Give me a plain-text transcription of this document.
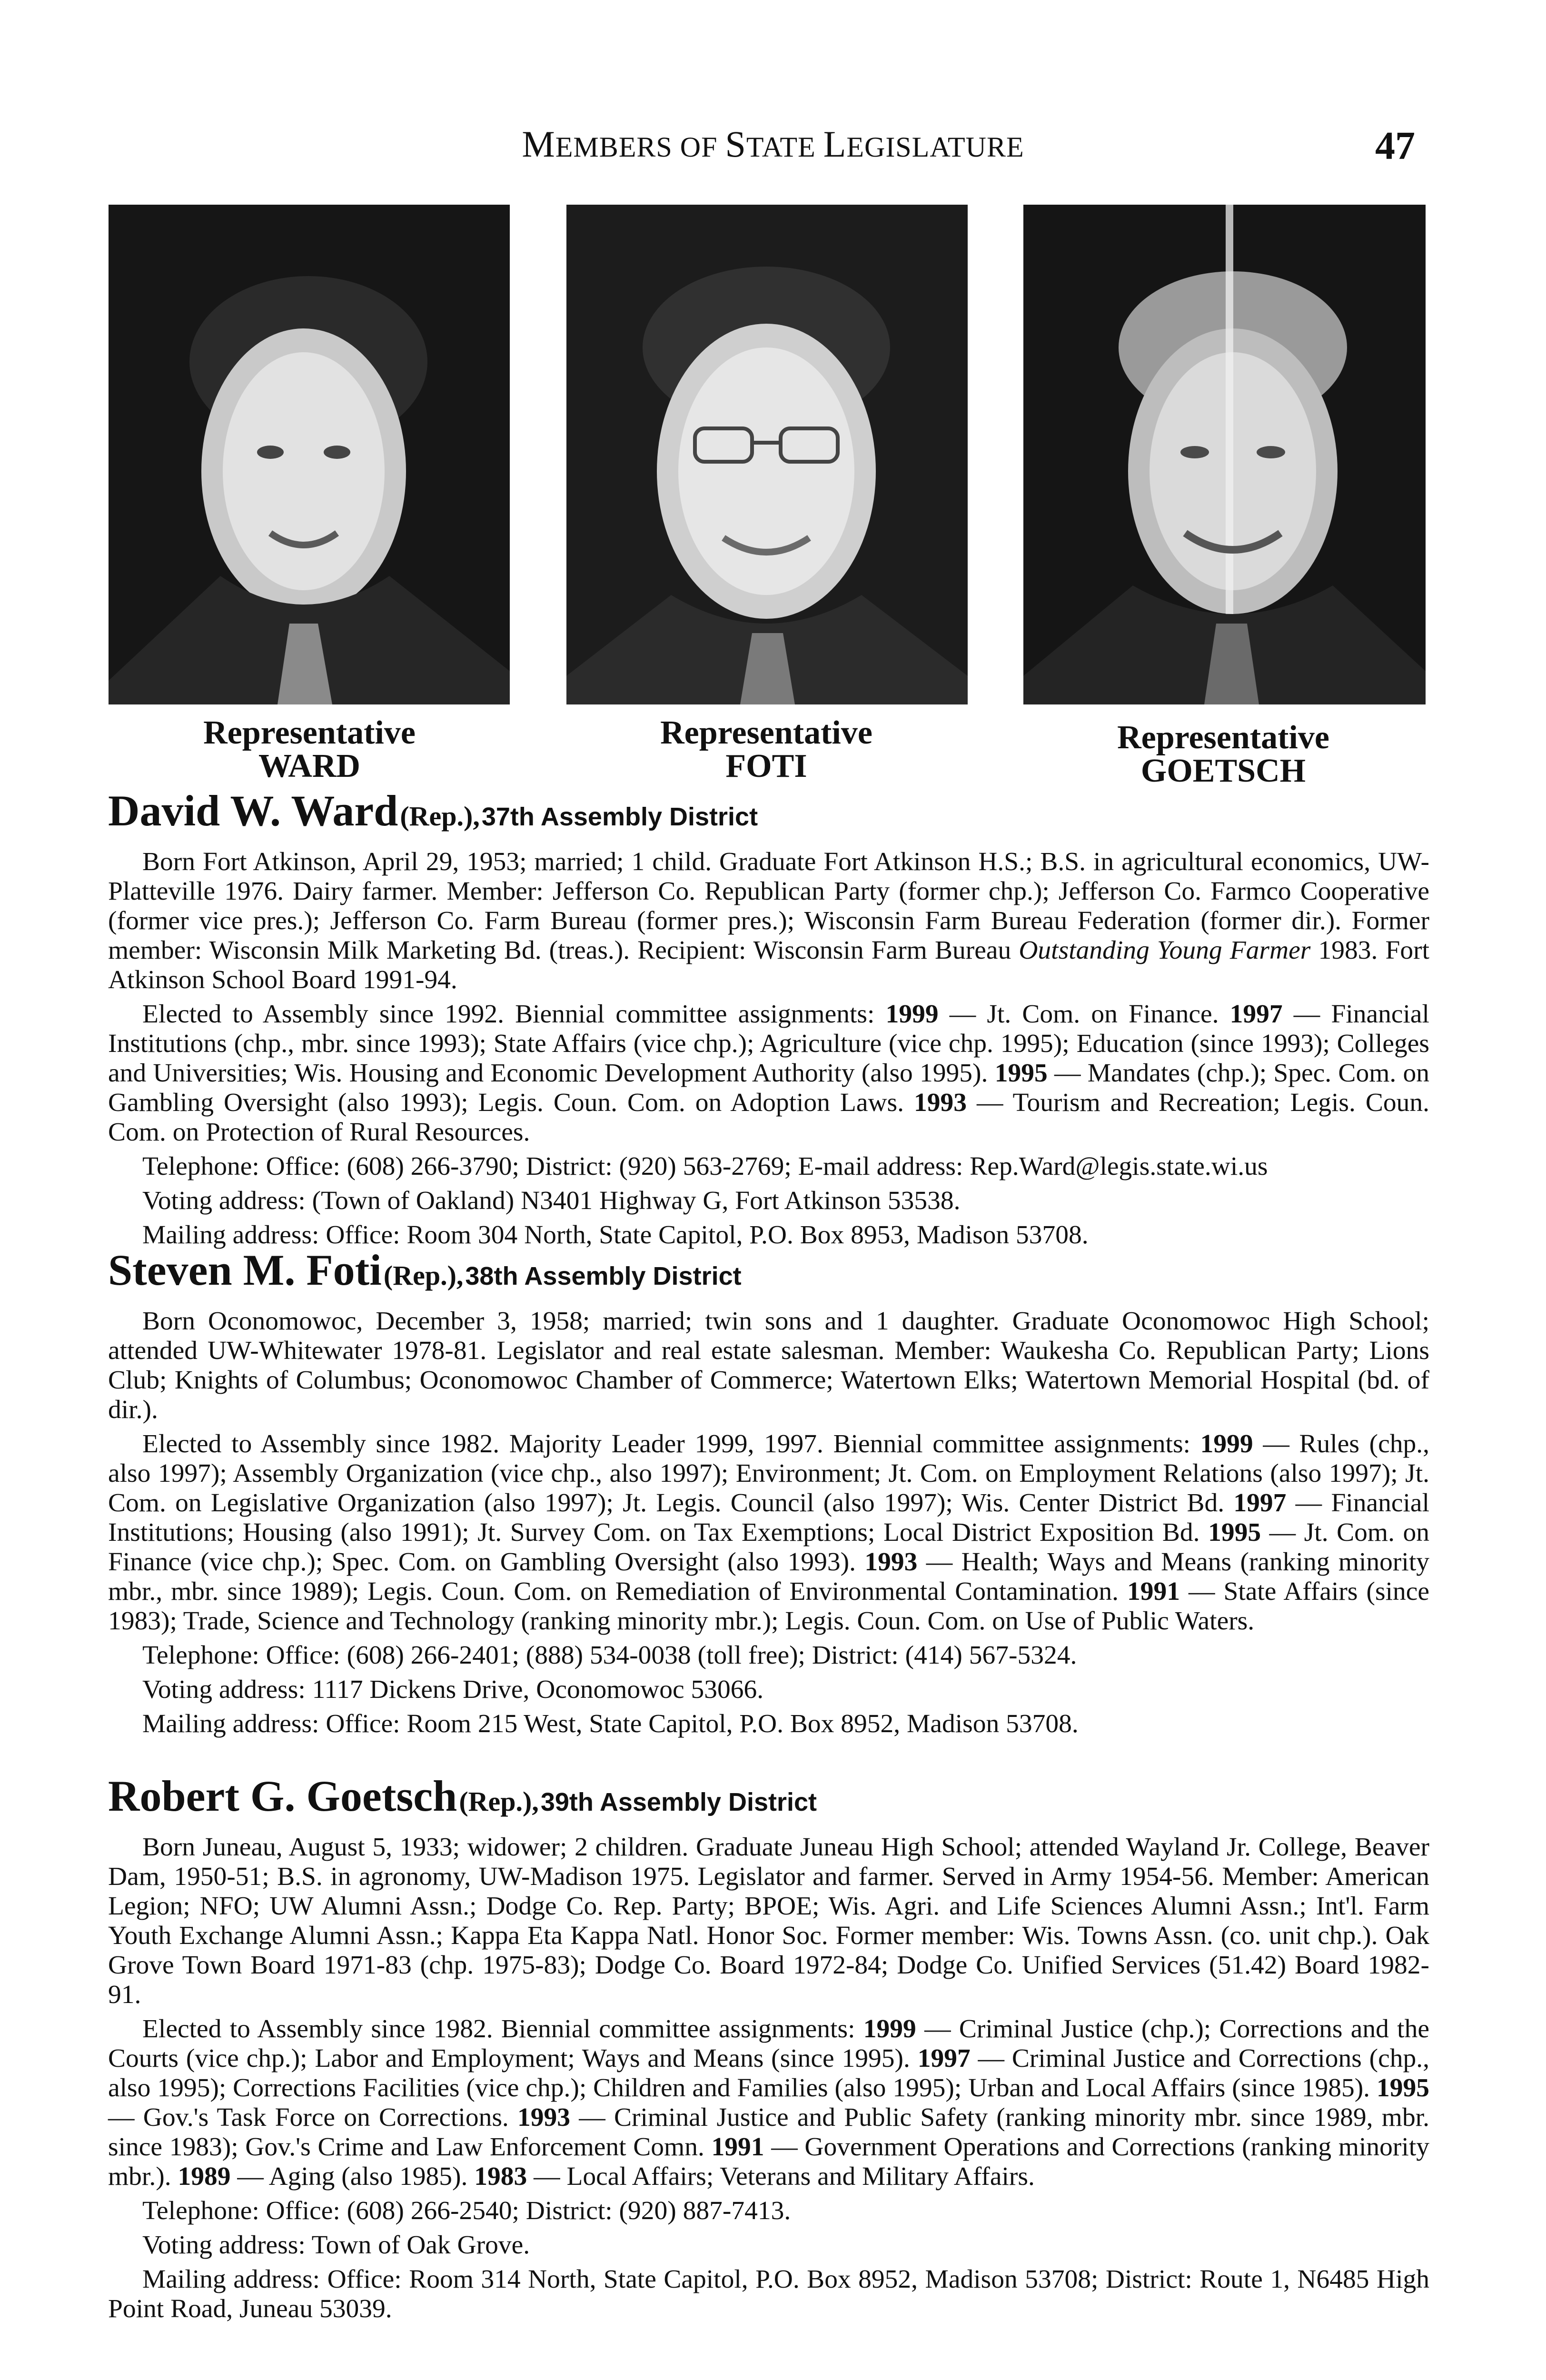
MEMBERS OF STATE LEGISLATURE	47
Representative
WARD
Representative
FOTI
Representative
GOETSCH
David W. Ward (Rep.), 37th Assembly District

Born Fort Atkinson, April 29, 1953; married; 1 child. Graduate Fort Atkinson H.S.; B.S. in agricultural economics, UW-Platteville 1976. Dairy farmer. Member: Jefferson Co. Republican Party (former chp.); Jefferson Co. Farmco Cooperative (former vice pres.); Jefferson Co. Farm Bureau (former pres.); Wisconsin Farm Bureau Federation (former dir.). Former member: Wisconsin Milk Marketing Bd. (treas.). Recipient: Wisconsin Farm Bureau Outstanding Young Farmer 1983. Fort Atkinson School Board 1991-94.

Elected to Assembly since 1992. Biennial committee assignments: 1999 — Jt. Com. on Finance. 1997 — Financial Institutions (chp., mbr. since 1993); State Affairs (vice chp.); Agriculture (vice chp. 1995); Education (since 1993); Colleges and Universities; Wis. Housing and Economic Development Authority (also 1995). 1995 — Mandates (chp.); Spec. Com. on Gambling Oversight (also 1993); Legis. Coun. Com. on Adoption Laws. 1993 — Tourism and Recreation; Legis. Coun. Com. on Protection of Rural Resources.

Telephone: Office: (608) 266-3790; District: (920) 563-2769; E-mail address: Rep.Ward@legis.state.wi.us

Voting address: (Town of Oakland) N3401 Highway G, Fort Atkinson 53538.

Mailing address: Office: Room 304 North, State Capitol, P.O. Box 8953, Madison 53708.

Steven M. Foti (Rep.), 38th Assembly District

Born Oconomowoc, December 3, 1958; married; twin sons and 1 daughter. Graduate Oconomowoc High School; attended UW-Whitewater 1978-81. Legislator and real estate salesman. Member: Waukesha Co. Republican Party; Lions Club; Knights of Columbus; Oconomowoc Chamber of Commerce; Watertown Elks; Watertown Memorial Hospital (bd. of dir.).

Elected to Assembly since 1982. Majority Leader 1999, 1997. Biennial committee assignments: 1999 — Rules (chp., also 1997); Assembly Organization (vice chp., also 1997); Environment; Jt. Com. on Employment Relations (also 1997); Jt. Com. on Legislative Organization (also 1997); Jt. Legis. Council (also 1997); Wis. Center District Bd. 1997 — Financial Institutions; Housing (also 1991); Jt. Survey Com. on Tax Exemptions; Local District Exposition Bd. 1995 — Jt. Com. on Finance (vice chp.); Spec. Com. on Gambling Oversight (also 1993). 1993 — Health; Ways and Means (ranking minority mbr., mbr. since 1989); Legis. Coun. Com. on Remediation of Environmental Contamination. 1991 — State Affairs (since 1983); Trade, Science and Technology (ranking minority mbr.); Legis. Coun. Com. on Use of Public Waters.

Telephone: Office: (608) 266-2401; (888) 534-0038 (toll free); District: (414) 567-5324.

Voting address: 1117 Dickens Drive, Oconomowoc 53066.

Mailing address: Office: Room 215 West, State Capitol, P.O. Box 8952, Madison 53708.

Robert G. Goetsch (Rep.), 39th Assembly District

Born Juneau, August 5, 1933; widower; 2 children. Graduate Juneau High School; attended Wayland Jr. College, Beaver Dam, 1950-51; B.S. in agronomy, UW-Madison 1975. Legislator and farmer. Served in Army 1954-56. Member: American Legion; NFO; UW Alumni Assn.; Dodge Co. Rep. Party; BPOE; Wis. Agri. and Life Sciences Alumni Assn.; Int'l. Farm Youth Exchange Alumni Assn.; Kappa Eta Kappa Natl. Honor Soc. Former member: Wis. Towns Assn. (co. unit chp.). Oak Grove Town Board 1971-83 (chp. 1975-83); Dodge Co. Board 1972-84; Dodge Co. Unified Services (51.42) Board 1982-91.

Elected to Assembly since 1982. Biennial committee assignments: 1999 — Criminal Justice (chp.); Corrections and the Courts (vice chp.); Labor and Employment; Ways and Means (since 1995). 1997 — Criminal Justice and Corrections (chp., also 1995); Corrections Facilities (vice chp.); Children and Families (also 1995); Urban and Local Affairs (since 1985). 1995 — Gov.'s Task Force on Corrections. 1993 — Criminal Justice and Public Safety (ranking minority mbr. since 1989, mbr. since 1983); Gov.'s Crime and Law Enforcement Comn. 1991 — Government Operations and Corrections (ranking minority mbr.). 1989 — Aging (also 1985). 1983 — Local Affairs; Veterans and Military Affairs.

Telephone: Office: (608) 266-2540; District: (920) 887-7413.

Voting address: Town of Oak Grove.

Mailing address: Office: Room 314 North, State Capitol, P.O. Box 8952, Madison 53708; District: Route 1, N6485 High Point Road, Juneau 53039.
